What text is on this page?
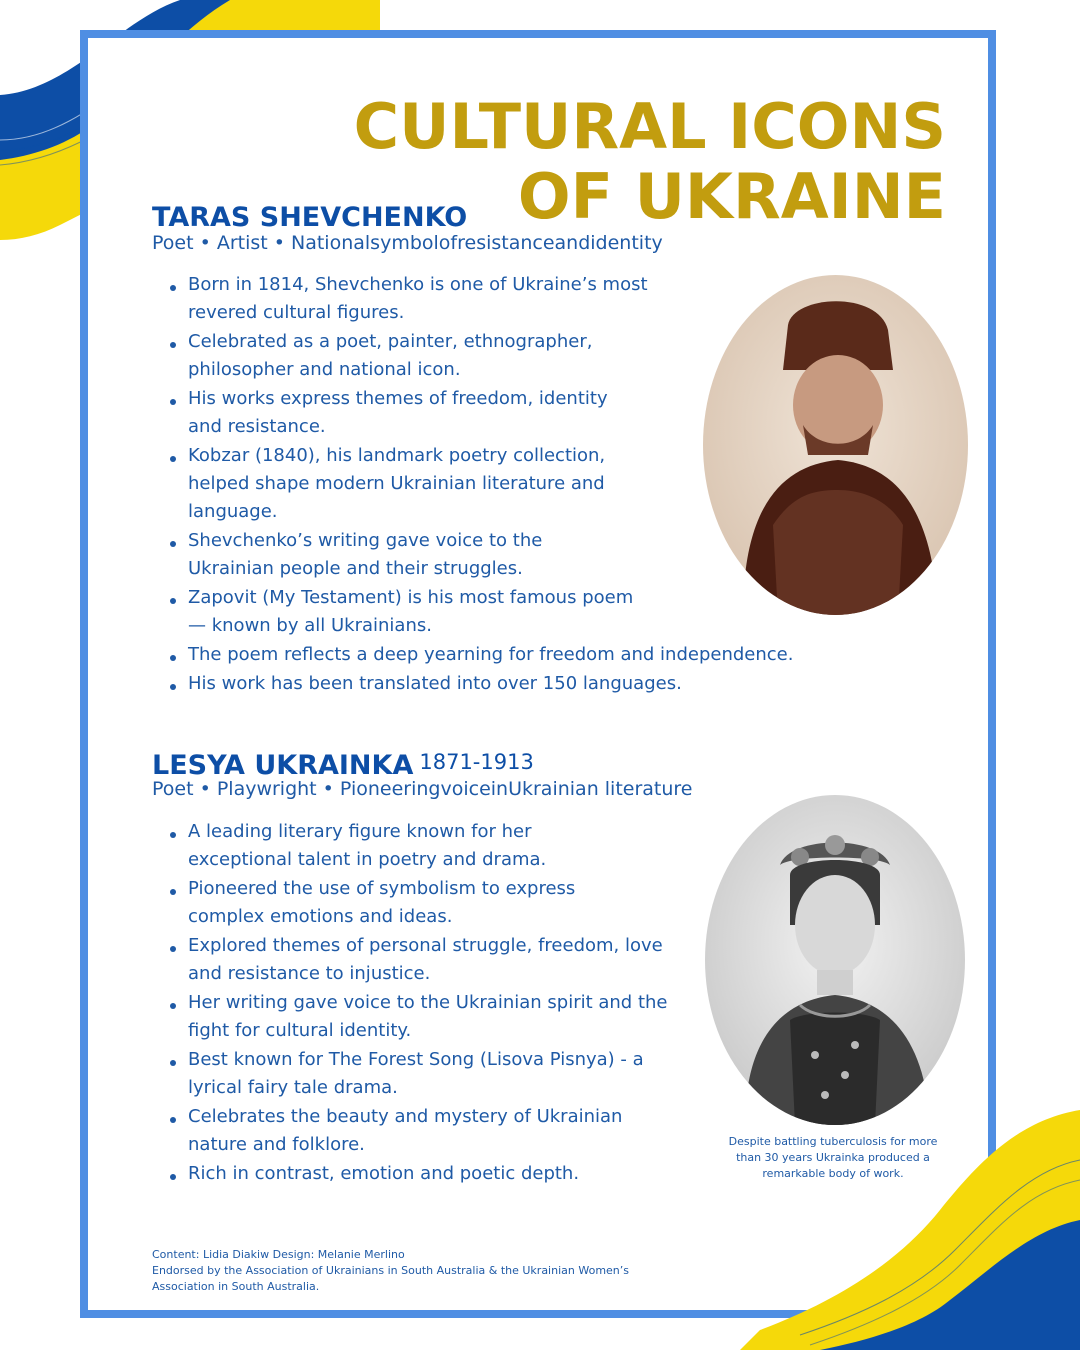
CULTURAL ICONS OF UKRAINE
TARAS SHEVCHENKO
Poet • Artist • Nationalsymbolofresistanceandidentity
Born in 1814, Shevchenko is one of Ukraine’s most revered cultural figures.
Celebrated as a poet, painter, ethnographer, philosopher and national icon.
His works express themes of freedom, identity and resistance.
Kobzar (1840), his landmark poetry collection, helped shape modern Ukrainian literature and language.
Shevchenko’s writing gave voice to the Ukrainian people and their struggles.
Zapovit (My Testament) is his most famous poem — known by all Ukrainians.
The poem reflects a deep yearning for freedom and independence.
His work has been translated into over 150 languages.
LESYA UKRAINKA 1871-1913
Poet • Playwright • PioneeringvoiceinUkrainian literature
A leading literary figure known for her exceptional talent in poetry and drama.
Pioneered the use of symbolism to express complex emotions and ideas.
Explored themes of personal struggle, freedom, love and resistance to injustice.
Her writing gave voice to the Ukrainian spirit and the fight for cultural identity.
Best known for The Forest Song (Lisova Pisnya) - a lyrical fairy tale drama.
Celebrates the beauty and mystery of Ukrainian nature and folklore.
Rich in contrast, emotion and poetic depth.
Despite battling tuberculosis for more than 30 years Ukrainka produced a remarkable body of work.
Content: Lidia Diakiw Design: Melanie Merlino
Endorsed by the Association of Ukrainians in South Australia & the Ukrainian Women’s Association in South Australia.
